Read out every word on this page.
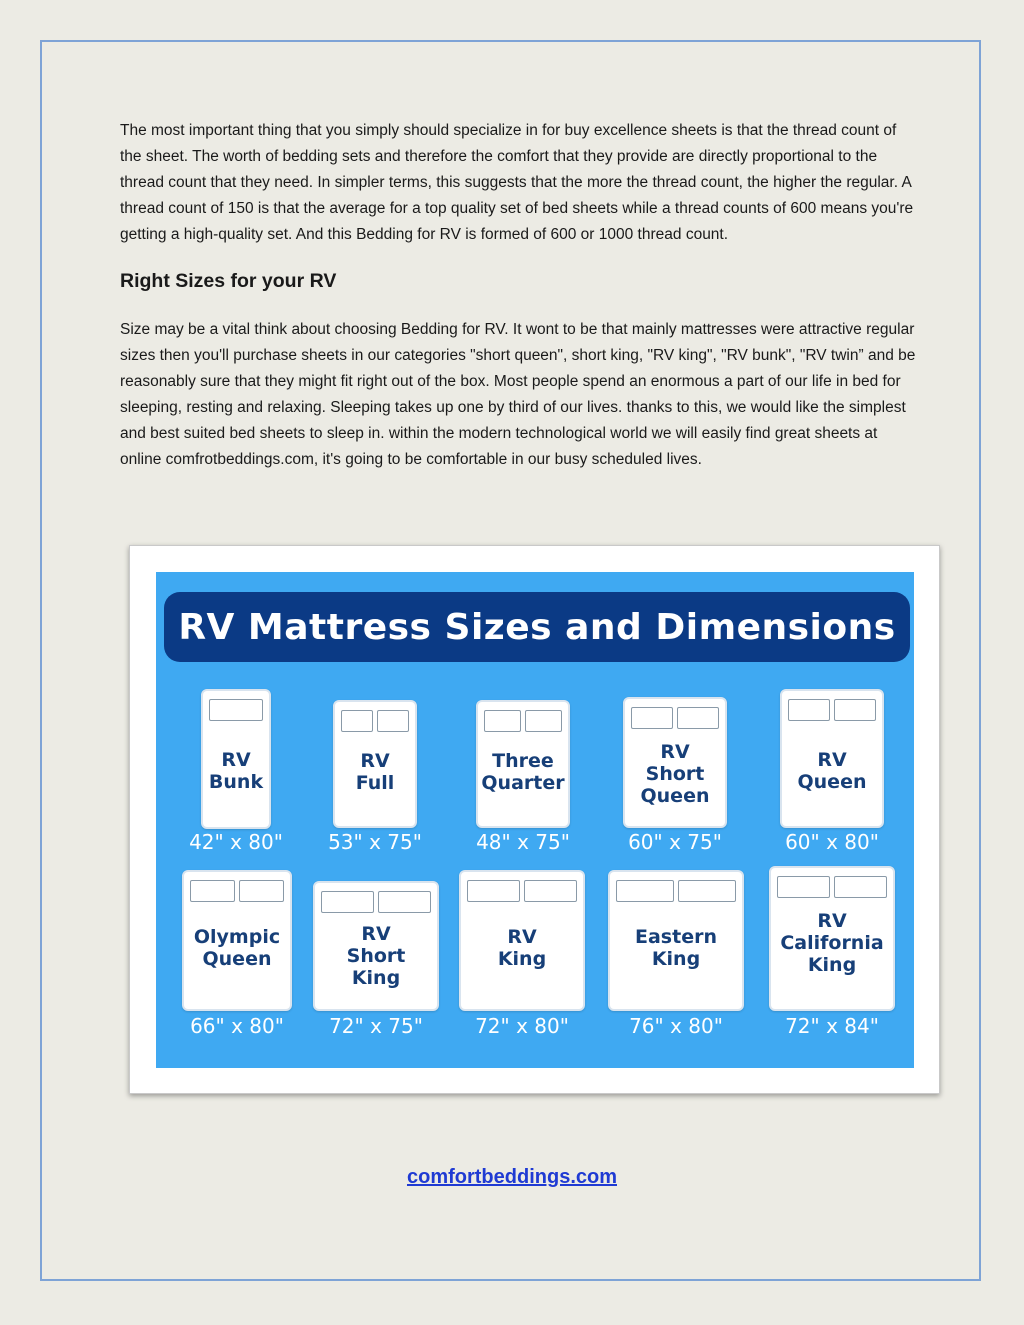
The most important thing that you simply should specialize in for buy excellence sheets is that the thread count of the sheet. The worth of bedding sets and therefore the comfort that they provide are directly proportional to the thread count that they need. In simpler terms, this suggests that the more the thread count, the higher the regular. A thread count of 150 is that the average for a top quality set of bed sheets while a thread counts of 600 means you're getting a high-quality set. And this Bedding for RV is formed of 600 or 1000 thread count.

Right Sizes for your RV

Size may be a vital think about choosing Bedding for RV. It wont to be that mainly mattresses were attractive regular sizes then you'll purchase sheets in our categories "short queen", short king, "RV king", "RV bunk", "RV twin” and be reasonably sure that they might fit right out of the box. Most people spend an enormous a part of our life in bed for sleeping, resting and relaxing. Sleeping takes up one by third of our lives. thanks to this, we would like the simplest and best suited bed sheets to sleep in. within the modern technological world we will easily find great sheets at online comfrotbeddings.com, it's going to be comfortable in our busy scheduled lives.

RV Mattress Sizes and Dimensions
RV
Bunk
42" x 80"
RV
Full
53" x 75"
Three
Quarter
48" x 75"
RV
Short
Queen
60" x 75"
RV
Queen
60" x 80"
Olympic
Queen
66" x 80"
RV
Short
King
72" x 75"
RV
King
72" x 80"
Eastern
King
76" x 80"
RV
California
King
72" x 84"
comfortbeddings.com
